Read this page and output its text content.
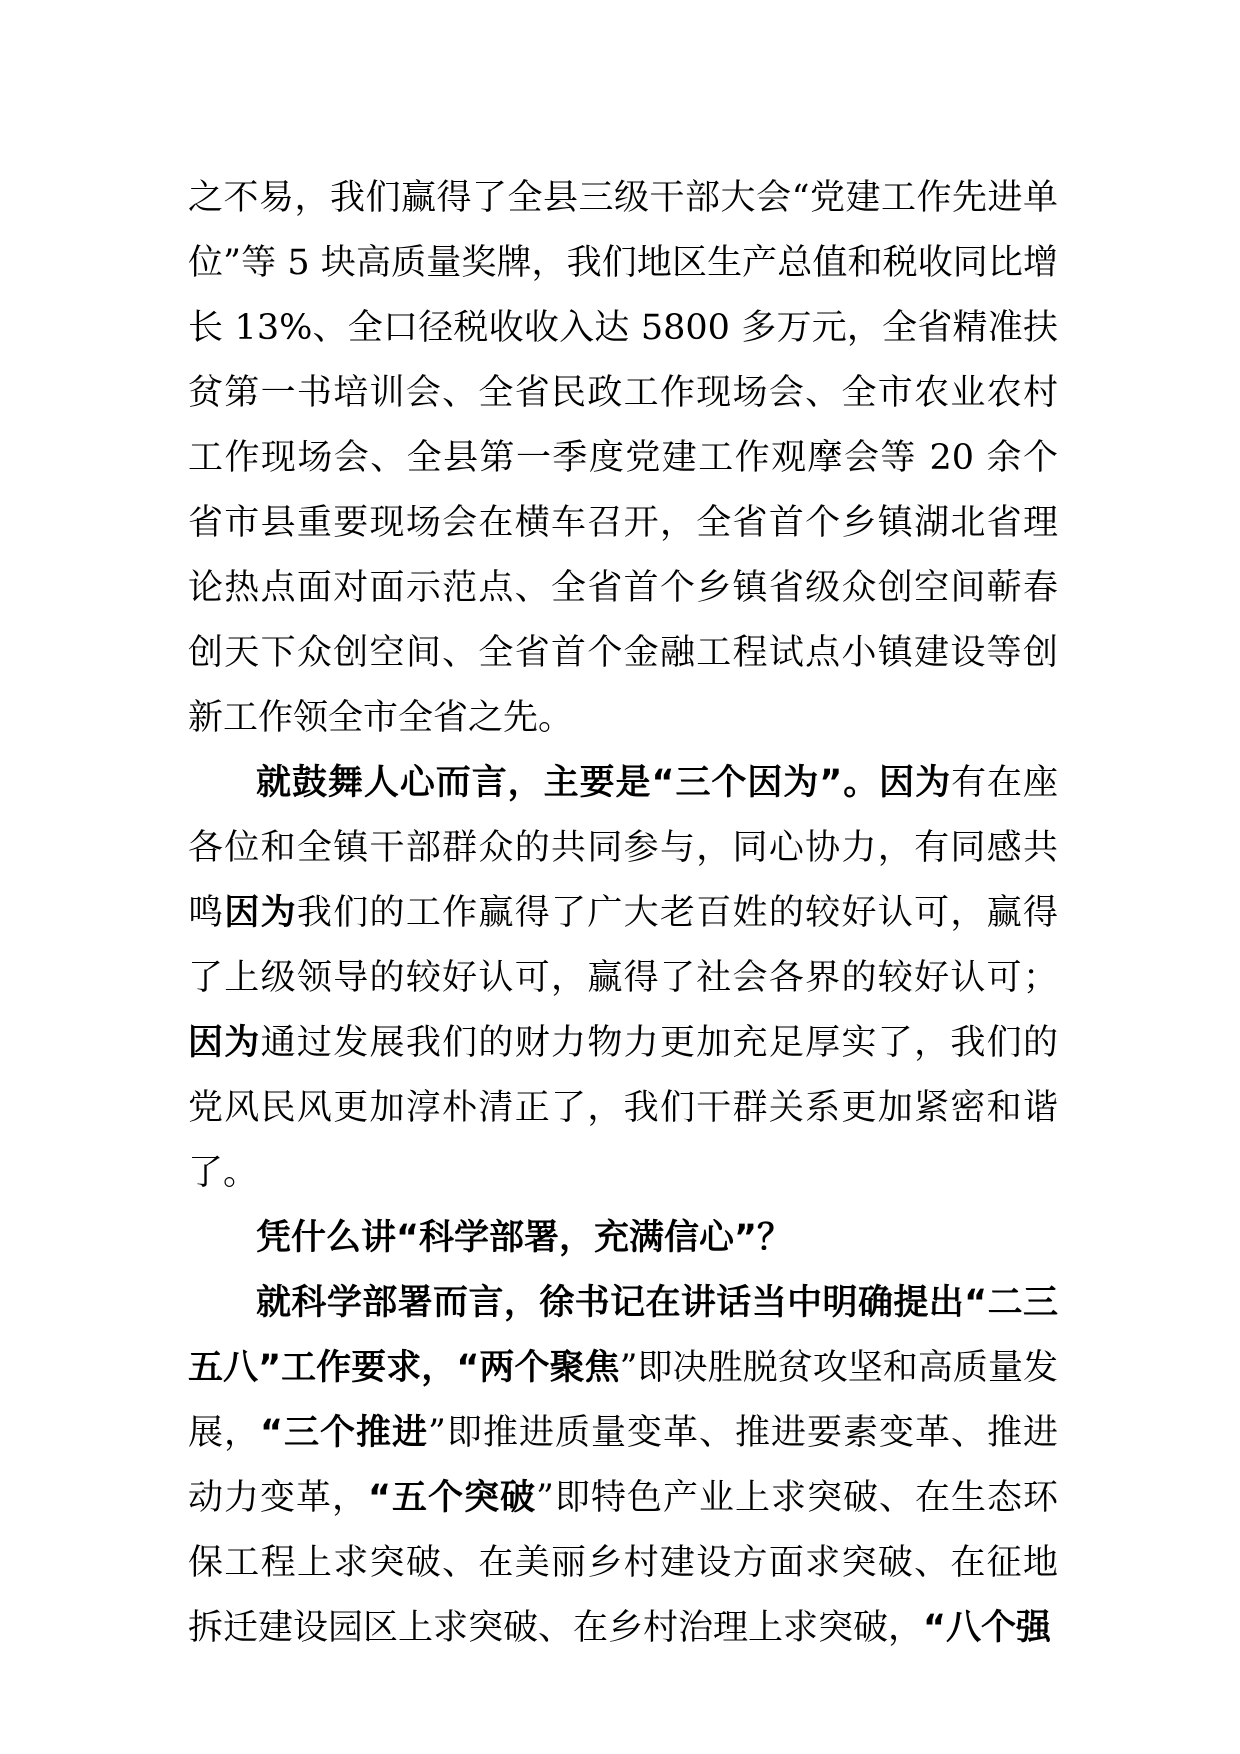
之不易，我们赢得了全县三级干部大会“党建工作先进单位”等 5 块高质量奖牌，我们地区生产总值和税收同比增长 13%、全口径税收收入达 5800 多万元，全省精准扶贫第一书培训会、全省民政工作现场会、全市农业农村工作现场会、全县第一季度党建工作观摩会等 20 余个省市县重要现场会在横车召开，全省首个乡镇湖北省理论热点面对面示范点、全省首个乡镇省级众创空间蕲春创天下众创空间、全省首个金融工程试点小镇建设等创新工作领全市全省之先。

就鼓舞人心而言，主要是“三个因为”。因为有在座各位和全镇干部群众的共同参与，同心协力，有同感共鸣因为我们的工作赢得了广大老百姓的较好认可，赢得了上级领导的较好认可，赢得了社会各界的较好认可；因为通过发展我们的财力物力更加充足厚实了，我们的党风民风更加淳朴清正了，我们干群关系更加紧密和谐了。

凭什么讲“科学部署，充满信心”？

就科学部署而言，徐书记在讲话当中明确提出“二三五八”工作要求，“两个聚焦”即决胜脱贫攻坚和高质量发展，“三个推进”即推进质量变革、推进要素变革、推进动力变革，“五个突破”即特色产业上求突破、在生态环保工程上求突破、在美丽乡村建设方面求突破、在征地拆迁建设园区上求突破、在乡村治理上求突破，“八个强
